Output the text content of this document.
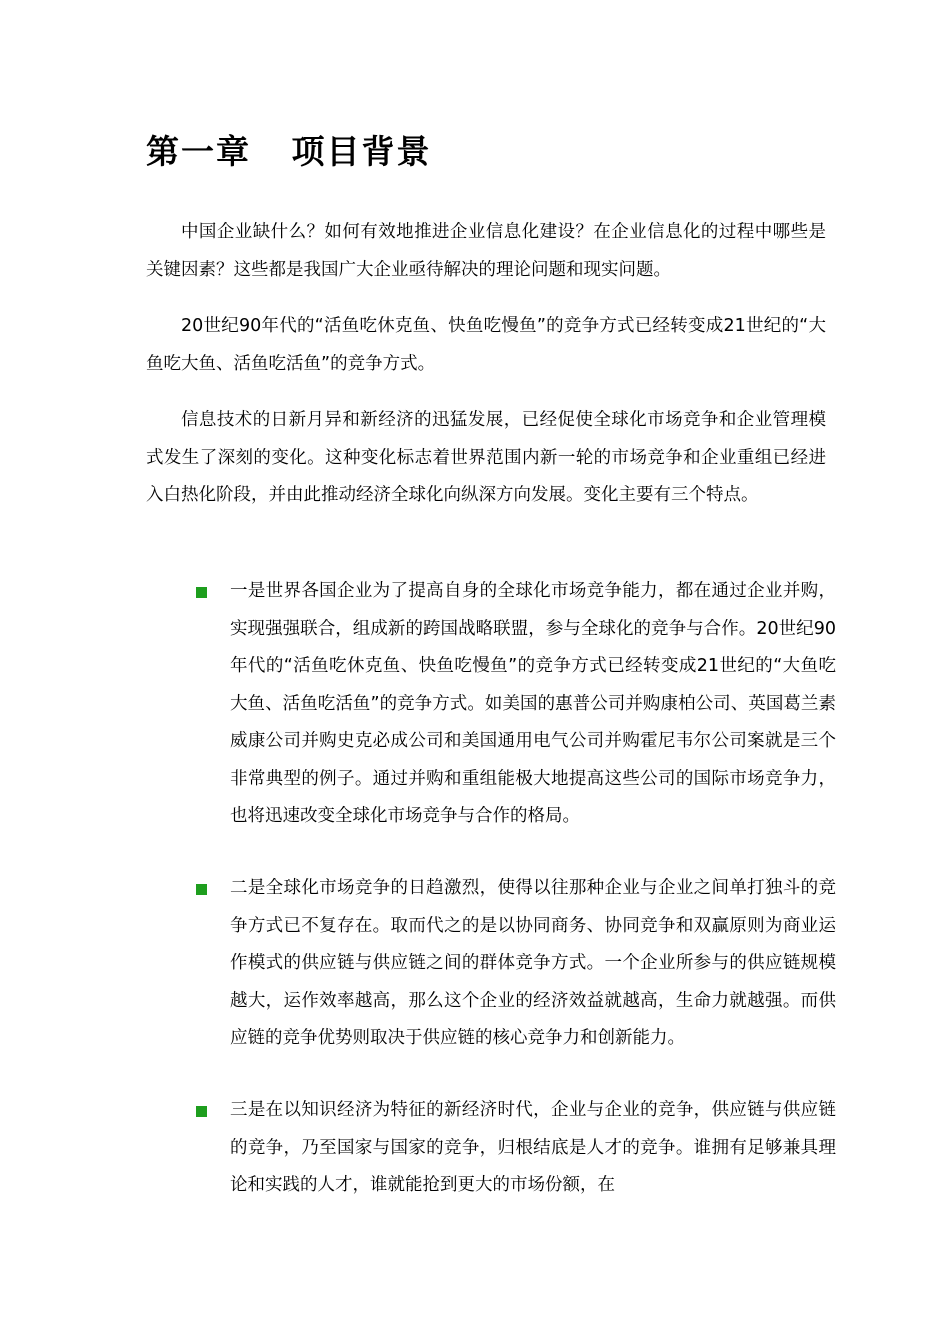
第一章   项目背景

中国企业缺什么？如何有效地推进企业信息化建设？在企业信息化的过程中哪些是关键因素？这些都是我国广大企业亟待解决的理论问题和现实问题。

20世纪90年代的“活鱼吃休克鱼、快鱼吃慢鱼”的竞争方式已经转变成21世纪的“大鱼吃大鱼、活鱼吃活鱼”的竞争方式。

信息技术的日新月异和新经济的迅猛发展，已经促使全球化市场竞争和企业管理模式发生了深刻的变化。这种变化标志着世界范围内新一轮的市场竞争和企业重组已经进入白热化阶段，并由此推动经济全球化向纵深方向发展。变化主要有三个特点。

一是世界各国企业为了提高自身的全球化市场竞争能力，都在通过企业并购，实现强强联合，组成新的跨国战略联盟，参与全球化的竞争与合作。20世纪90年代的“活鱼吃休克鱼、快鱼吃慢鱼”的竞争方式已经转变成21世纪的“大鱼吃大鱼、活鱼吃活鱼”的竞争方式。如美国的惠普公司并购康柏公司、英国葛兰素威康公司并购史克必成公司和美国通用电气公司并购霍尼韦尔公司案就是三个非常典型的例子。通过并购和重组能极大地提高这些公司的国际市场竞争力，也将迅速改变全球化市场竞争与合作的格局。

二是全球化市场竞争的日趋激烈，使得以往那种企业与企业之间单打独斗的竞争方式已不复存在。取而代之的是以协同商务、协同竞争和双赢原则为商业运作模式的供应链与供应链之间的群体竞争方式。一个企业所参与的供应链规模越大，运作效率越高，那么这个企业的经济效益就越高，生命力就越强。而供应链的竞争优势则取决于供应链的核心竞争力和创新能力。

三是在以知识经济为特征的新经济时代，企业与企业的竞争，供应链与供应链的竞争，乃至国家与国家的竞争，归根结底是人才的竞争。谁拥有足够兼具理论和实践的人才，谁就能抢到更大的市场份额，在
